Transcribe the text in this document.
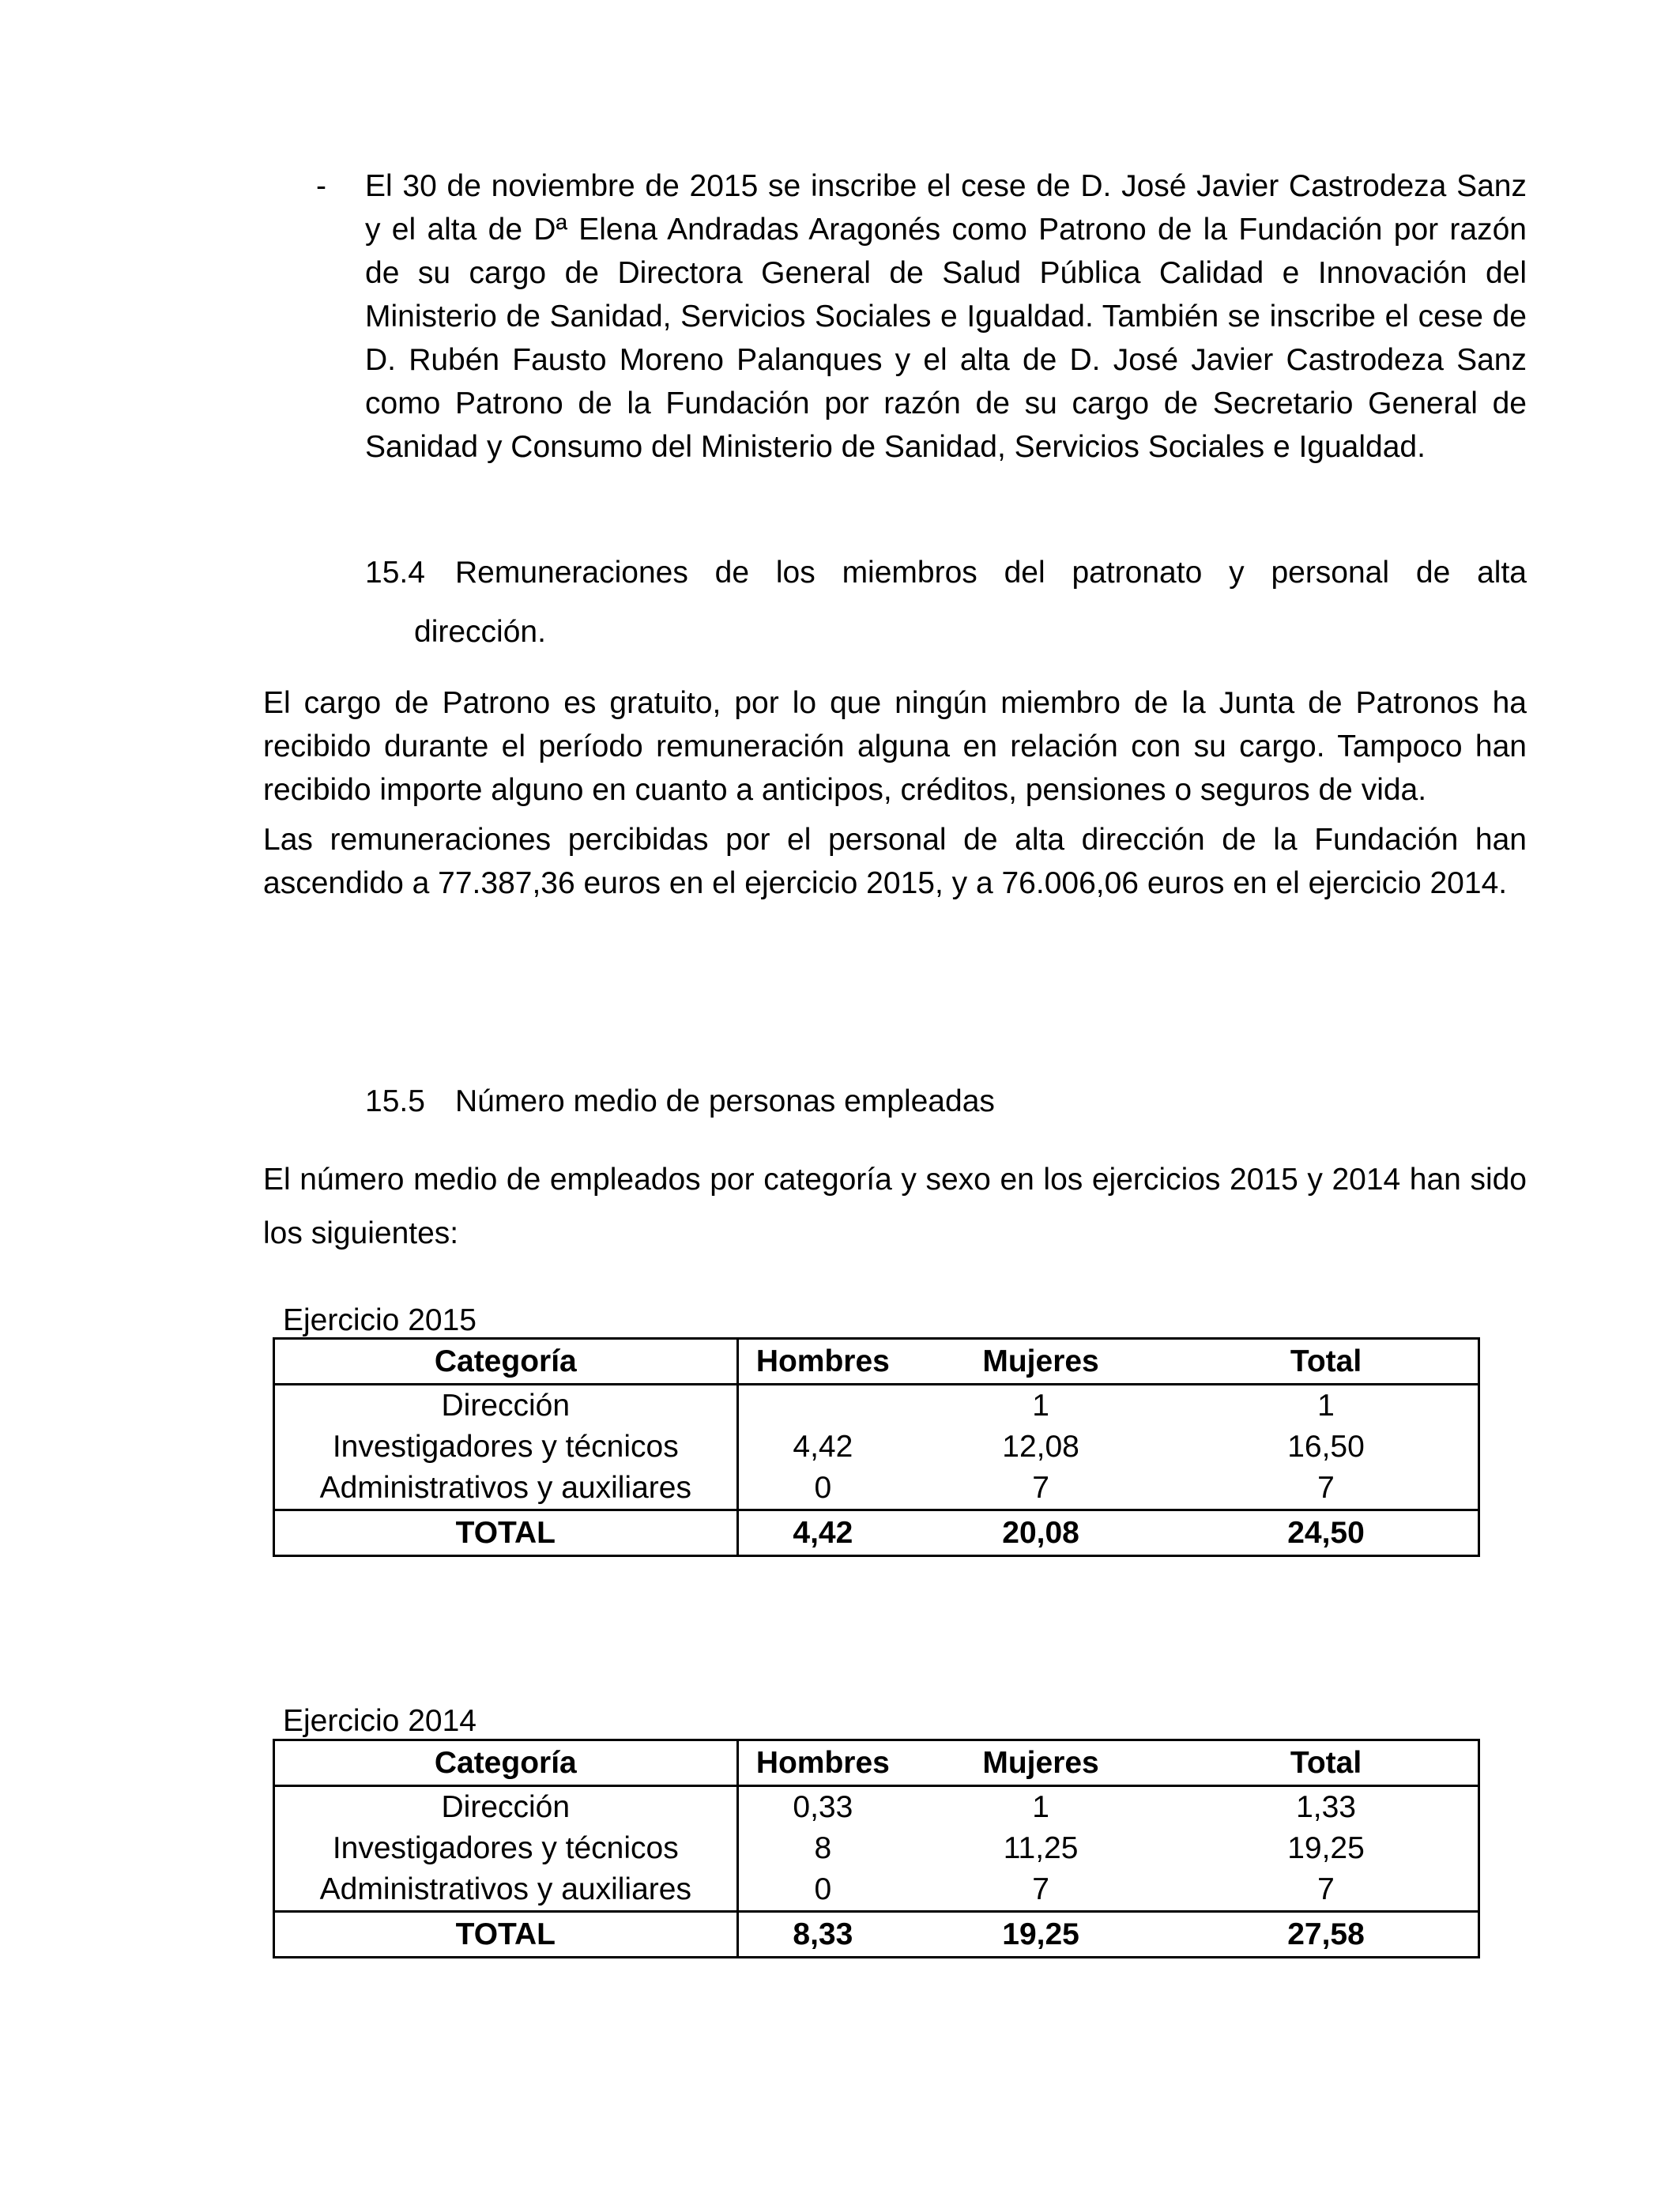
- El 30 de noviembre de 2015 se inscribe el cese de D. José Javier Castrodeza Sanz y el alta de Dª Elena Andradas Aragonés como Patrono de la Fundación por razón de su cargo de Directora General de Salud Pública Calidad e Innovación del Ministerio de Sanidad, Servicios Sociales e Igualdad. También se inscribe el cese de D. Rubén Fausto Moreno Palanques y el alta de D. José Javier Castrodeza Sanz como Patrono de la Fundación por razón de su cargo de Secretario General de Sanidad y Consumo del Ministerio de Sanidad, Servicios Sociales e Igualdad.
15.4 Remuneraciones de los miembros del patronato y personal de alta
dirección.
El cargo de Patrono es gratuito, por lo que ningún miembro de la Junta de Patronos ha recibido durante el período remuneración alguna en relación con su cargo. Tampoco han recibido importe alguno en cuanto a anticipos, créditos, pensiones o seguros de vida.
Las remuneraciones percibidas por el personal de alta dirección de la Fundación han ascendido a 77.387,36 euros en el ejercicio 2015, y a 76.006,06 euros en el ejercicio 2014.
15.5 Número medio de personas empleadas
El número medio de empleados por categoría y sexo en los ejercicios 2015 y 2014 han sido los siguientes:
Ejercicio 2015
Categoría	Hombres	Mujeres	Total
Dirección		1	1
Investigadores y técnicos	4,42	12,08	16,50
Administrativos y auxiliares	0	7	7
TOTAL	4,42	20,08	24,50
Ejercicio 2014
Categoría	Hombres	Mujeres	Total
Dirección	0,33	1	1,33
Investigadores y técnicos	8	11,25	19,25
Administrativos y auxiliares	0	7	7
TOTAL	8,33	19,25	27,58
